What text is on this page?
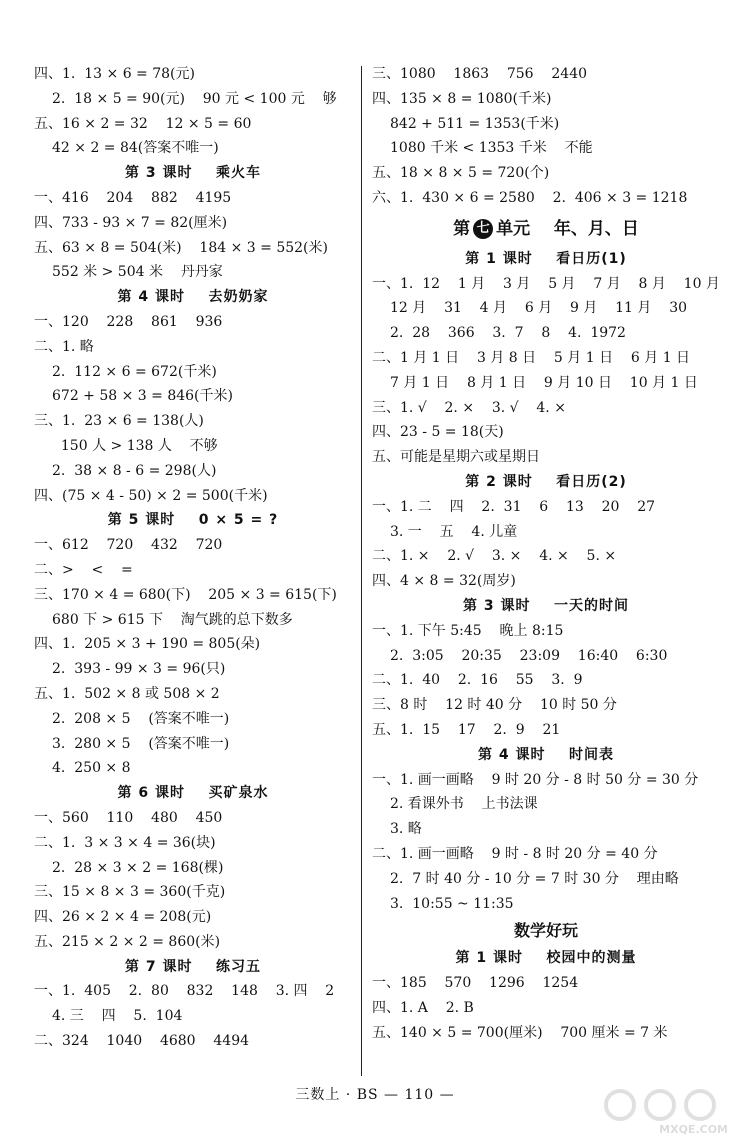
四、1.  13 × 6 = 78(元)
2.  18 × 5 = 90(元)    90 元 < 100 元    够
五、16 × 2 = 32    12 × 5 = 60
42 × 2 = 84(答案不唯一)
第 3 课时    乘火车
一、416    204    882    4195
四、733 - 93 × 7 = 82(厘米)
五、63 × 8 = 504(米)    184 × 3 = 552(米)
552 米 > 504 米    丹丹家
第 4 课时    去奶奶家
一、120    228    861    936
二、1. 略
2.  112 × 6 = 672(千米)
672 + 58 × 3 = 846(千米)
三、1.  23 × 6 = 138(人)
150 人 > 138 人    不够
2.  38 × 8 - 6 = 298(人)
四、(75 × 4 - 50) × 2 = 500(千米)
第 5 课时    0 × 5 = ?
一、612    720    432    720
二、>    <    =
三、170 × 4 = 680(下)    205 × 3 = 615(下)
680 下 > 615 下    淘气跳的总下数多
四、1.  205 × 3 + 190 = 805(朵)
2.  393 - 99 × 3 = 96(只)
五、1.  502 × 8 或 508 × 2
2.  208 × 5    (答案不唯一)
3.  280 × 5    (答案不唯一)
4.  250 × 8
第 6 课时    买矿泉水
一、560    110    480    450
二、1.  3 × 3 × 4 = 36(块)
2.  28 × 3 × 2 = 168(棵)
三、15 × 8 × 3 = 360(千克)
四、26 × 2 × 4 = 208(元)
五、215 × 2 × 2 = 860(米)
第 7 课时    练习五
一、1.  405    2.  80    832    148    3. 四    2
4. 三    四    5.  104
二、324    1040    4680    4494
三、1080    1863    756    2440
四、135 × 8 = 1080(千米)
842 + 511 = 1353(千米)
1080 千米 < 1353 千米    不能
五、18 × 8 × 5 = 720(个)
六、1.  430 × 6 = 2580    2.  406 × 3 = 1218
第 七 单元    年、月、日
第 1 课时    看日历(1)
一、1.  12    1 月    3 月    5 月    7 月    8 月    10 月
12 月    31    4 月    6 月    9 月    11 月    30
2.  28    366    3.  7    8    4.  1972
二、1 月 1 日    3 月 8 日    5 月 1 日    6 月 1 日
7 月 1 日    8 月 1 日    9 月 10 日    10 月 1 日
三、1. √    2. ×    3. √    4. ×
四、23 - 5 = 18(天)
五、可能是星期六或星期日
第 2 课时    看日历(2)
一、1. 二    四    2.  31    6    13    20    27
3. 一    五    4. 儿童
二、1. ×    2. √    3. ×    4. ×    5. ×
四、4 × 8 = 32(周岁)
第 3 课时    一天的时间
一、1. 下午 5:45    晚上 8:15
2.  3:05    20:35    23:09    16:40    6:30
二、1.  40    2.  16    55    3.  9
三、8 时    12 时 40 分    10 时 50 分
五、1.  15    17    2.  9    21
第 4 课时    时间表
一、1. 画一画略    9 时 20 分 - 8 时 50 分 = 30 分
2. 看课外书    上书法课
3. 略
二、1. 画一画略    9 时 - 8 时 20 分 = 40 分
2.  7 时 40 分 - 10 分 = 7 时 30 分    理由略
3.  10:55 ~ 11:35
数学好玩
第 1 课时    校园中的测量
一、185    570    1296    1254
四、1. A    2. B
五、140 × 5 = 700(厘米)    700 厘米 = 7 米
三数上 · BS — 110 —
MXQE.COM
